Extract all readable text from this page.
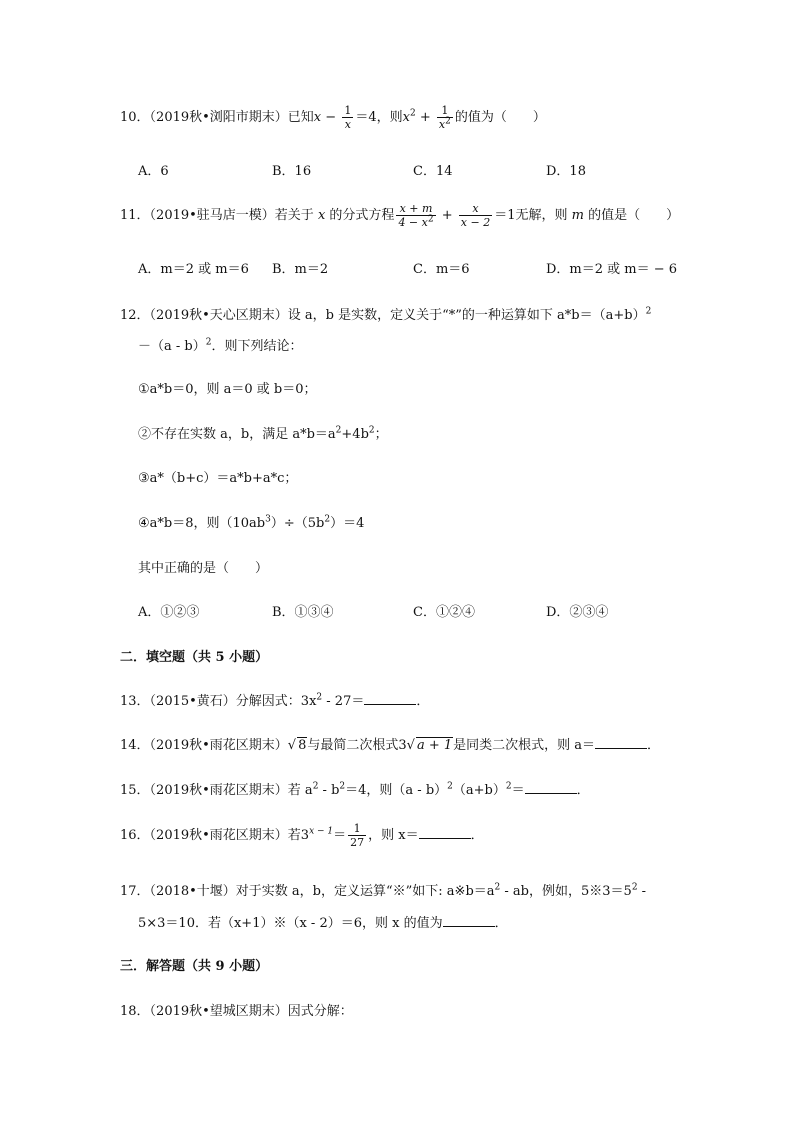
10．（2019秋•浏阳市期末）已知$x - \frac{1}{x} =4$，则$x^2 + \frac{1}{x^2}$ 的值为（　　）
A．6	B．16	C．14	D．18
11．（2019•驻马店一模）若关于 x 的分式方程 $\frac{x + m}{4 - x^2} + \frac{x}{x - 2} =1$无解，则 m 的值是（　　）
A．m＝2 或 m＝6 B．m＝2	C．m＝6	D．m＝2 或 m＝ − 6
12．（2019秋•天心区期末）设 a，b 是实数，定义关于“*”的一种运算如下 $a*b=(a+b)^2$
－（a - b）$^2$．则下列结论：
①a*b＝0，则 a＝0 或 b＝0；
②不存在实数 a，b，满足 $a*b=a^2+4b^2$；
③a*（b+c）＝a*b+a*c；
④a*b＝8，则$(10ab^3)\div(5b^2)=4$
其中正确的是（　　）
A．①②③	B．①③④	C．①②④	D．②③④
二．填空题（共 5 小题）
13．（2015•黄石）分解因式：$3x^2 - 27=$	．
14．（2019秋•雨花区期末）√ 8与最简二次根式3√ a + 1是同类二次根式，则 a＝	．
15．（2019秋•雨花区期末）若 $a^2 - b^2=4$，则$(a - b)^2(a+b)^2=$	．
16．（2019秋•雨花区期末）若$3^{x - 1}= \frac{1}{27}$ ，则 x＝	．
17．（2018•十堰）对于实数 a，b，定义运算“※”如下: $a※b=a^2$ - ab，例如，$5※3=5^2$ -
5×3＝10．若（x+1）※（x - 2）＝6，则 x 的值为	．
三．解答题（共 9 小题）
18．（2019秋•望城区期末）因式分解：
